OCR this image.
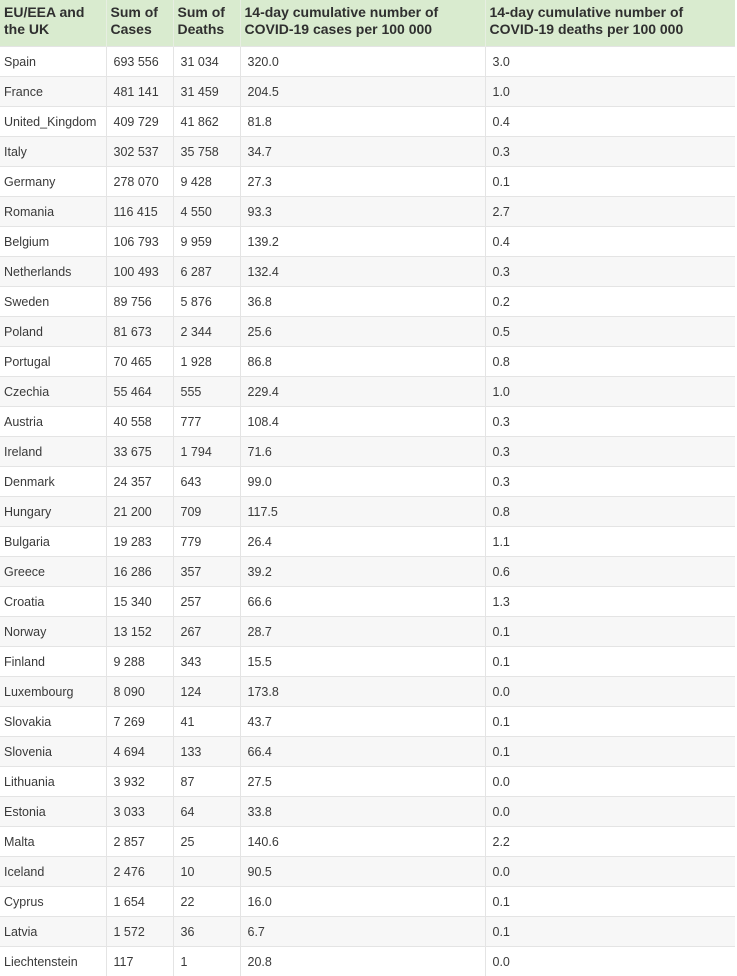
EU/EEA and the UK	Sum of Cases	Sum of Deaths	14-day cumulative number of COVID-19 cases per 100 000	14-day cumulative number of COVID-19 deaths per 100 000
Spain	693 556	31 034	320.0	3.0
France	481 141	31 459	204.5	1.0
United_Kingdom	409 729	41 862	81.8	0.4
Italy	302 537	35 758	34.7	0.3
Germany	278 070	9 428	27.3	0.1
Romania	116 415	4 550	93.3	2.7
Belgium	106 793	9 959	139.2	0.4
Netherlands	100 493	6 287	132.4	0.3
Sweden	89 756	5 876	36.8	0.2
Poland	81 673	2 344	25.6	0.5
Portugal	70 465	1 928	86.8	0.8
Czechia	55 464	555	229.4	1.0
Austria	40 558	777	108.4	0.3
Ireland	33 675	1 794	71.6	0.3
Denmark	24 357	643	99.0	0.3
Hungary	21 200	709	117.5	0.8
Bulgaria	19 283	779	26.4	1.1
Greece	16 286	357	39.2	0.6
Croatia	15 340	257	66.6	1.3
Norway	13 152	267	28.7	0.1
Finland	9 288	343	15.5	0.1
Luxembourg	8 090	124	173.8	0.0
Slovakia	7 269	41	43.7	0.1
Slovenia	4 694	133	66.4	0.1
Lithuania	3 932	87	27.5	0.0
Estonia	3 033	64	33.8	0.0
Malta	2 857	25	140.6	2.2
Iceland	2 476	10	90.5	0.0
Cyprus	1 654	22	16.0	0.1
Latvia	1 572	36	6.7	0.1
Liechtenstein	117	1	20.8	0.0
